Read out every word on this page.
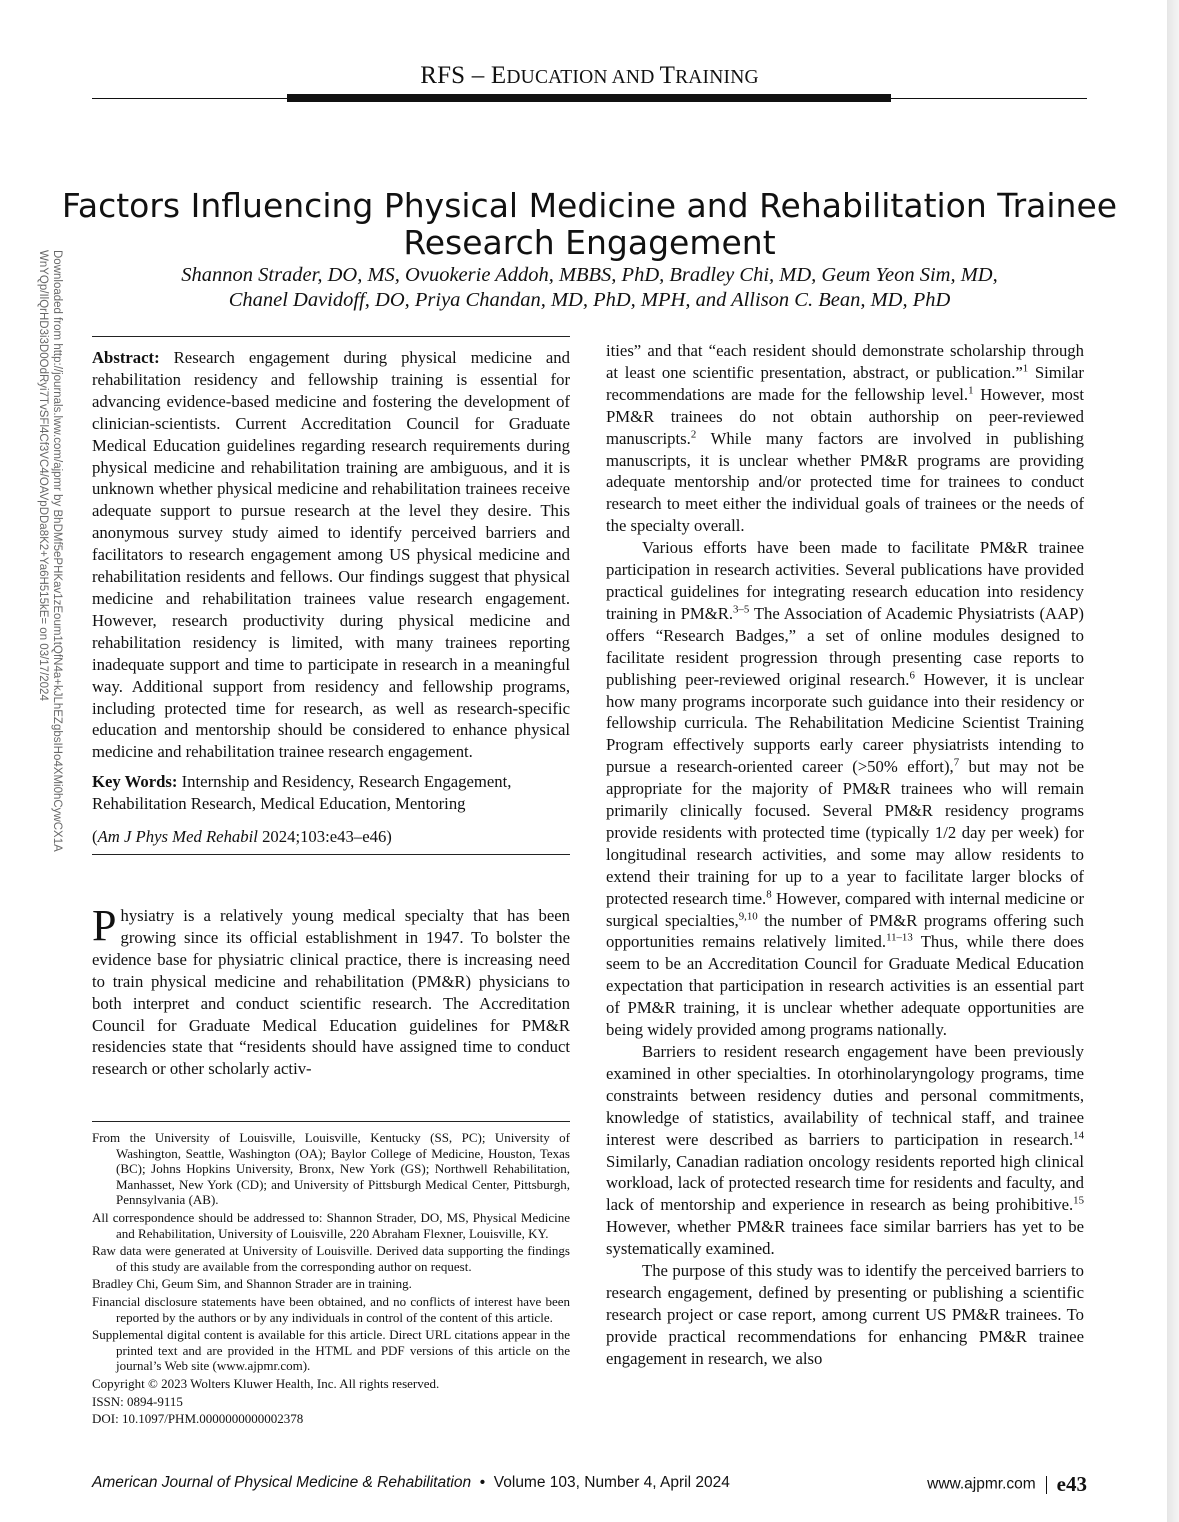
RFS – EDUCATION AND TRAINING
Factors Influencing Physical Medicine and Rehabilitation Trainee Research Engagement
Shannon Strader, DO, MS, Ovuokerie Addoh, MBBS, PhD, Bradley Chi, MD, Geum Yeon Sim, MD,
Chanel Davidoff, DO, Priya Chandan, MD, PhD, MPH, and Allison C. Bean, MD, PhD
Downloaded from http://journals.lww.com/ajpmr by BhDMf5ePHKav1zEoum1tQfN4a+kJLhEZgbsIHo4XMi0hCywCX1A
WnYQp/IlQrHD3i3D0OdRyi7TvSFl4Cf3VC4/OAVpDDa8K2+Ya6H515kE= on 03/17/2024	Abstract: Research engagement during physical medicine and rehabilitation residency and fellowship training is essential for advancing evidence-based medicine and fostering the development of clinician-scientists. Current Accreditation Council for Graduate Medical Education guidelines regarding research requirements during physical medicine and rehabilitation training are ambiguous, and it is unknown whether physical medicine and rehabilitation trainees receive adequate support to pursue research at the level they desire. This anonymous survey study aimed to identify perceived barriers and facilitators to research engagement among US physical medicine and rehabilitation residents and fellows. Our findings suggest that physical medicine and rehabilitation trainees value research engagement. However, research productivity during physical medicine and rehabilitation residency is limited, with many trainees reporting inadequate support and time to participate in research in a meaningful way. Additional support from residency and fellowship programs, including protected time for research, as well as research-specific education and mentorship should be considered to enhance physical medicine and rehabilitation trainee research engagement.

Key Words: Internship and Residency, Research Engagement, Rehabilitation Research, Medical Education, Mentoring

(Am J Phys Med Rehabil 2024;103:e43–e46)

Physiatry is a relatively young medical specialty that has been growing since its official establishment in 1947. To bolster the evidence base for physiatric clinical practice, there is increasing need to train physical medicine and rehabilitation (PM&R) physicians to both interpret and conduct scientific research. The Accreditation Council for Graduate Medical Education guidelines for PM&R residencies state that “residents should have assigned time to conduct research or other scholarly activ-

From the University of Louisville, Louisville, Kentucky (SS, PC); University of Washington, Seattle, Washington (OA); Baylor College of Medicine, Houston, Texas (BC); Johns Hopkins University, Bronx, New York (GS); Northwell Rehabilitation, Manhasset, New York (CD); and University of Pittsburgh Medical Center, Pittsburgh, Pennsylvania (AB).

All correspondence should be addressed to: Shannon Strader, DO, MS, Physical Medicine and Rehabilitation, University of Louisville, 220 Abraham Flexner, Louisville, KY.

Raw data were generated at University of Louisville. Derived data supporting the findings of this study are available from the corresponding author on request.

Bradley Chi, Geum Sim, and Shannon Strader are in training.

Financial disclosure statements have been obtained, and no conflicts of interest have been reported by the authors or by any individuals in control of the content of this article.

Supplemental digital content is available for this article. Direct URL citations appear in the printed text and are provided in the HTML and PDF versions of this article on the journal’s Web site (www.ajpmr.com).

Copyright © 2023 Wolters Kluwer Health, Inc. All rights reserved.

ISSN: 0894-9115

DOI: 10.1097/PHM.0000000000002378

ities” and that “each resident should demonstrate scholarship through at least one scientific presentation, abstract, or publication.”$^1$ Similar recommendations are made for the fellowship level.$^1$ However, most PM&R trainees do not obtain authorship on peer-reviewed manuscripts.$^2$ While many factors are involved in publishing manuscripts, it is unclear whether PM&R programs are providing adequate mentorship and/or protected time for trainees to conduct research to meet either the individual goals of trainees or the needs of the specialty overall.

Various efforts have been made to facilitate PM&R trainee participation in research activities. Several publications have provided practical guidelines for integrating research education into residency training in PM&R.$^{3-5}$ The Association of Academic Physiatrists (AAP) offers “Research Badges,” a set of online modules designed to facilitate resident progression through presenting case reports to publishing peer-reviewed original research.$^6$ However, it is unclear how many programs incorporate such guidance into their residency or fellowship curricula. The Rehabilitation Medicine Scientist Training Program effectively supports early career physiatrists intending to pursue a research-oriented career (>50% effort),$^7$ but may not be appropriate for the majority of PM&R trainees who will remain primarily clinically focused. Several PM&R residency programs provide residents with protected time (typically 1/2 day per week) for longitudinal research activities, and some may allow residents to extend their training for up to a year to facilitate larger blocks of protected research time.$^8$ However, compared with internal medicine or surgical specialties,$^{9,10}$ the number of PM&R programs offering such opportunities remains relatively limited.$^{11-13}$ Thus, while there does seem to be an Accreditation Council for Graduate Medical Education expectation that participation in research activities is an essential part of PM&R training, it is unclear whether adequate opportunities are being widely provided among programs nationally.

Barriers to resident research engagement have been previously examined in other specialties. In otorhinolaryngology programs, time constraints between residency duties and personal commitments, knowledge of statistics, availability of technical staff, and trainee interest were described as barriers to participation in research.$^{14}$ Similarly, Canadian radiation oncology residents reported high clinical workload, lack of protected research time for residents and faculty, and lack of mentorship and experience in research as being prohibitive.$^{15}$ However, whether PM&R trainees face similar barriers has yet to be systematically examined.

The purpose of this study was to identify the perceived barriers to research engagement, defined by presenting or publishing a scientific research project or case report, among current US PM&R trainees. To provide practical recommendations for enhancing PM&R trainee engagement in research, we also

American Journal of Physical Medicine & Rehabilitation • Volume 103, Number 4, April 2024	www.ajpmr.com e43
